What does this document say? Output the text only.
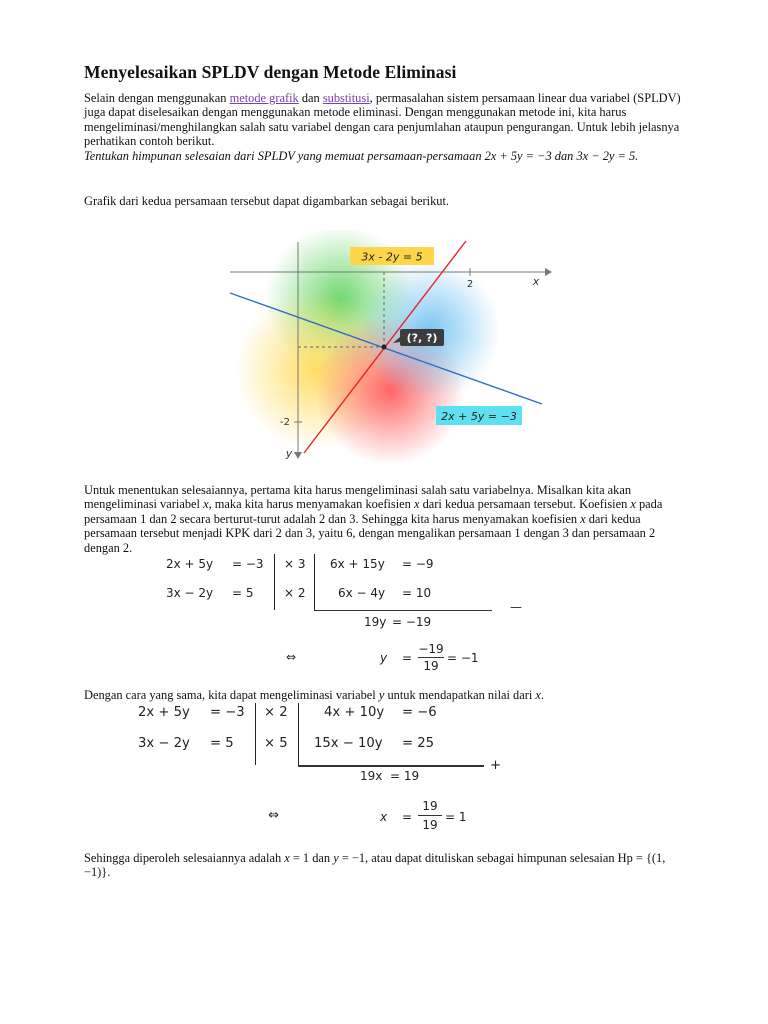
Menyelesaikan SPLDV dengan Metode Eliminasi

Selain dengan menggunakan metode grafik dan substitusi, permasalahan sistem persamaan linear dua variabel (SPLDV) juga dapat diselesaikan dengan menggunakan metode eliminasi. Dengan menggunakan metode ini, kita harus mengeliminasi/menghilangkan salah satu variabel dengan cara penjumlahan ataupun pengurangan. Untuk lebih jelasnya perhatikan contoh berikut.

Tentukan himpunan selesaian dari SPLDV yang memuat persamaan-persamaan 2x + 5y = −3 dan 3x − 2y = 5.

Grafik dari kedua persamaan tersebut dapat digambarkan sebagai berikut.

3x - 2y = 5
(?, ?)
2x + 5y = −3
2
-2
x
y

Untuk menentukan selesaiannya, pertama kita harus mengeliminasi salah satu variabelnya. Misalkan kita akan mengeliminasi variabel x, maka kita harus menyamakan koefisien x dari kedua persamaan tersebut. Koefisien x pada persamaan 1 dan 2 secara berturut-turut adalah 2 dan 3. Sehingga kita harus menyamakan koefisien x dari kedua persamaan tersebut menjadi KPK dari 2 dan 3, yaitu 6, dengan mengalikan persamaan 1 dengan 3 dan persamaan 2 dengan 2.

2x + 5y = −3
3x − 2y = 5
× 3
× 2
6x + 15y = −9
6x − 4y = 10
—
19y = −19
⇔	y =
−19
19
= −1

Dengan cara yang sama, kita dapat mengeliminasi variabel y untuk mendapatkan nilai dari x.

2x + 5y = −3
3x − 2y = 5
× 2
× 5
4x + 10y = −6
15x − 10y = 25
+
19x = 19
⇔	x =
19
19
= 1

Sehingga diperoleh selesaiannya adalah x = 1 dan y = −1, atau dapat dituliskan sebagai himpunan selesaian Hp = {(1, −1)}.
